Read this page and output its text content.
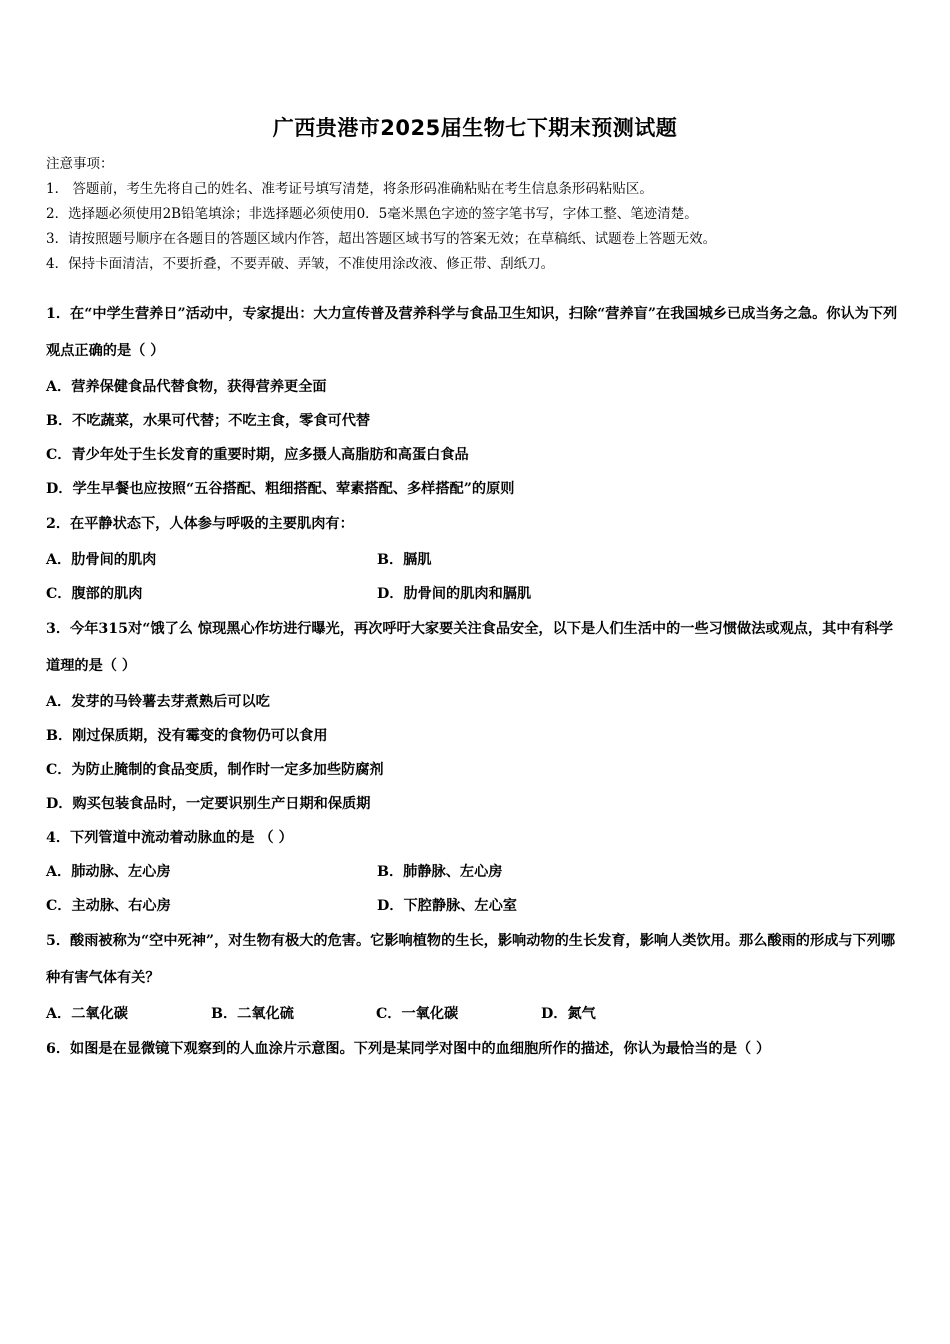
广西贵港市2025届生物七下期末预测试题
注意事项：
1． 答题前，考生先将自己的姓名、准考证号填写清楚，将条形码准确粘贴在考生信息条形码粘贴区。
2．选择题必须使用2B铅笔填涂；非选择题必须使用0．5毫米黑色字迹的签字笔书写，字体工整、笔迹清楚。
3．请按照题号顺序在各题目的答题区域内作答，超出答题区域书写的答案无效；在草稿纸、试题卷上答题无效。
4．保持卡面清洁，不要折叠，不要弄破、弄皱，不准使用涂改液、修正带、刮纸刀。
1．在“中学生营养日”活动中，专家提出：大力宣传普及营养科学与食品卫生知识，扫除“营养盲”在我国城乡已成当务之急。你认为下列观点正确的是（ ）
A．营养保健食品代替食物，获得营养更全面
B．不吃蔬菜，水果可代替；不吃主食，零食可代替
C．青少年处于生长发育的重要时期，应多摄人高脂肪和高蛋白食品
D．学生早餐也应按照“五谷搭配、粗细搭配、荤素搭配、多样搭配”的原则
2．在平静状态下，人体参与呼吸的主要肌肉有：
A．肋骨间的肌肉	B．膈肌
C．腹部的肌肉	D．肋骨间的肌肉和膈肌
3．今年315对“饿了么 惊现黑心作坊进行曝光，再次呼吁大家要关注食品安全，以下是人们生活中的一些习惯做法或观点，其中有科学道理的是（ ）
A．发芽的马铃薯去芽煮熟后可以吃
B．刚过保质期，没有霉变的食物仍可以食用
C．为防止腌制的食品变质，制作时一定多加些防腐剂
D．购买包装食品时，一定要识别生产日期和保质期
4．下列管道中流动着动脉血的是 （ ）
A．肺动脉、左心房	B．肺静脉、左心房
C．主动脉、右心房	D．下腔静脉、左心室
5．酸雨被称为“空中死神”，对生物有极大的危害。它影响植物的生长，影响动物的生长发育，影响人类饮用。那么酸雨的形成与下列哪种有害气体有关？
A．二氧化碳	B．二氧化硫	C．一氧化碳	D．氮气
6．如图是在显微镜下观察到的人血涂片示意图。下列是某同学对图中的血细胞所作的描述，你认为最恰当的是（ ）
